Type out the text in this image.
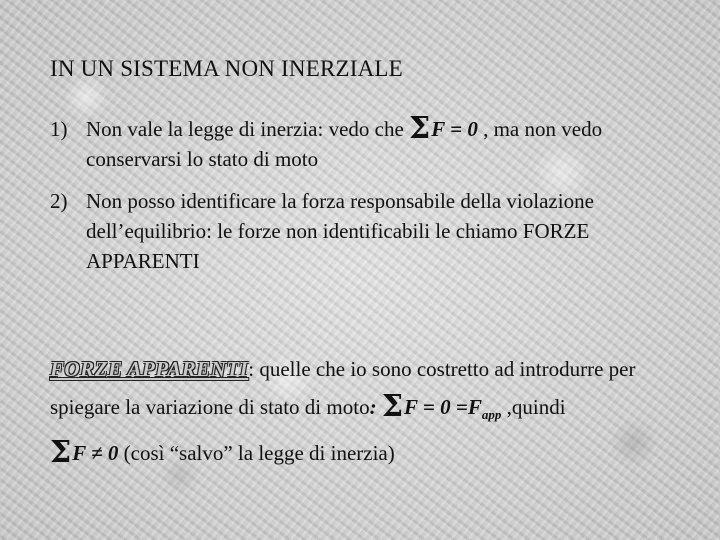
IN UN SISTEMA NON INERZIALE
1) Non vale la legge di inerzia: vedo che ΣF = 0 , ma non vedo conservarsi lo stato di moto
2) Non posso identificare la forza responsabile della violazione dell’equilibrio: le forze non identificabili le chiamo FORZE APPARENTI
FORZE APPARENTI: quelle che io sono costretto ad introdurre per spiegare la variazione di stato di moto: $\Sigma F = 0 =F_{app}$ ,quindi
ΣF ≠ 0 (così “salvo” la legge di inerzia)
